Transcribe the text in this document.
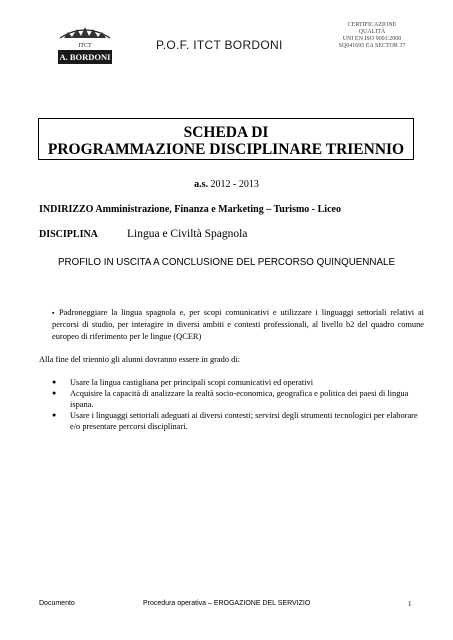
ITCT
A. BORDONI
P.O.F. ITCT BORDONI
CERTIFICAZIONE
QUALITÀ
UNI EN ISO 9001:2000
SQ041695 EA SECTOR 37
SCHEDA DI
PROGRAMMAZIONE DISCIPLINARE TRIENNIO
a.s. 2012 - 2013
INDIRIZZO Amministrazione, Finanza e Marketing – Turismo - Liceo
DISCIPLINA	Lingua e Civiltà Spagnola
PROFILO IN USCITA A CONCLUSIONE DEL PERCORSO QUINQUENNALE
▪ Padroneggiare la lingua spagnola e, per scopi comunicativi e utilizzare i linguaggi settoriali relativi ai percorsi di studio, per interagire in diversi ambiti e contesti professionali, al livello b2 del quadro comune europeo di riferimento per le lingue (QCER)
Alla fine del triennio gli alunni dovranno essere in grado di:
● Usare la lingua castigliana per principali scopi comunicativi ed operativi
● Acquisire la capacità di analizzare la realtà socio-economica, geografica e politica dei paesi di lingua ispana.
● Usare i linguaggi settoriali adeguati ai diversi contesti; servirsi degli strumenti tecnologici per elaborare e/o presentare percorsi disciplinari.
Documento	Procedura operativa – EROGAZIONE DEL SERVIZIO	1
